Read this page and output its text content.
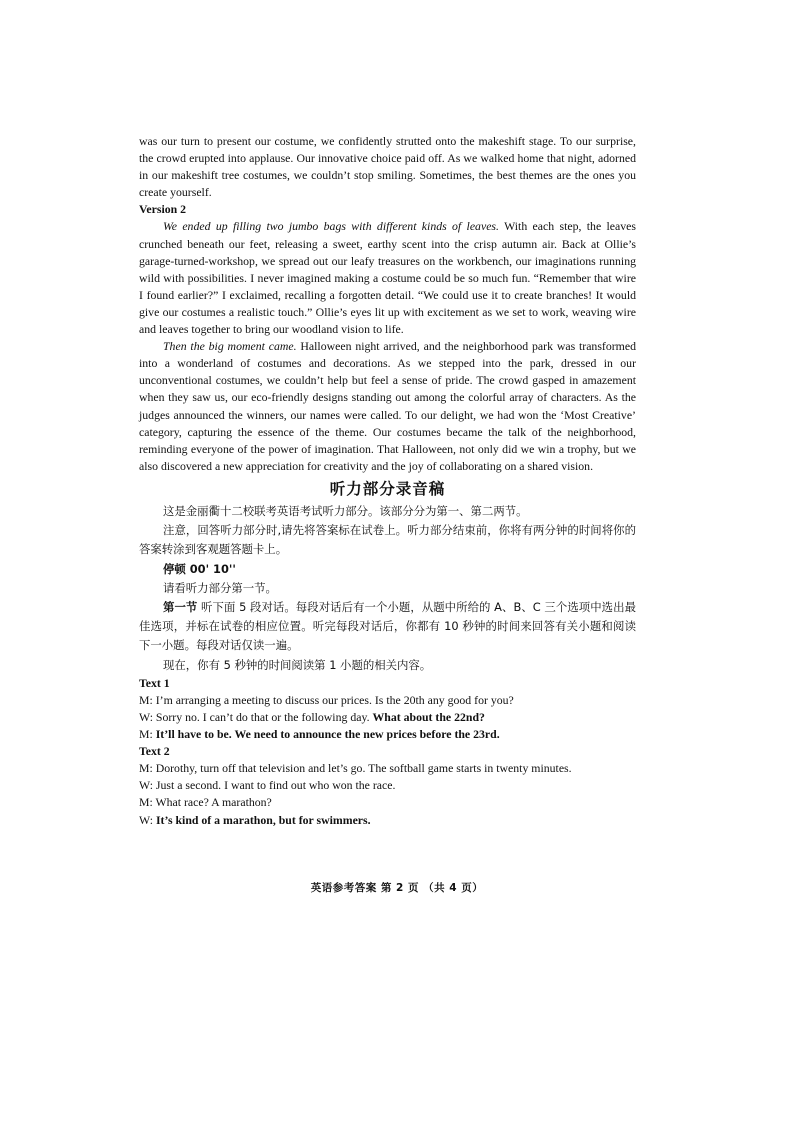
was our turn to present our costume, we confidently strutted onto the makeshift stage. To our surprise, the crowd erupted into applause. Our innovative choice paid off. As we walked home that night, adorned in our makeshift tree costumes, we couldn’t stop smiling. Sometimes, the best themes are the ones you create yourself.

Version 2

We ended up filling two jumbo bags with different kinds of leaves. With each step, the leaves crunched beneath our feet, releasing a sweet, earthy scent into the crisp autumn air. Back at Ollie’s garage-turned-workshop, we spread out our leafy treasures on the workbench, our imaginations running wild with possibilities. I never imagined making a costume could be so much fun. “Remember that wire I found earlier?” I exclaimed, recalling a forgotten detail. “We could use it to create branches! It would give our costumes a realistic touch.” Ollie’s eyes lit up with excitement as we set to work, weaving wire and leaves together to bring our woodland vision to life.

Then the big moment came. Halloween night arrived, and the neighborhood park was transformed into a wonderland of costumes and decorations. As we stepped into the park, dressed in our unconventional costumes, we couldn’t help but feel a sense of pride. The crowd gasped in amazement when they saw us, our eco-friendly designs standing out among the colorful array of characters. As the judges announced the winners, our names were called. To our delight, we had won the ‘Most Creative’ category, capturing the essence of the theme. Our costumes became the talk of the neighborhood, reminding everyone of the power of imagination. That Halloween, not only did we win a trophy, but we also discovered a new appreciation for creativity and the joy of collaborating on a shared vision.

听力部分录音稿

这是金丽衢十二校联考英语考试听力部分。该部分分为第一、第二两节。

注意，回答听力部分时,请先将答案标在试卷上。听力部分结束前，你将有两分钟的时间将你的答案转涂到客观题答题卡上。

停顿 00' 10''

请看听力部分第一节。

第一节 听下面 5 段对话。每段对话后有一个小题，从题中所给的 A、B、C 三个选项中选出最佳选项，并标在试卷的相应位置。听完每段对话后，你都有 10 秒钟的时间来回答有关小题和阅读下一小题。每段对话仅读一遍。

现在，你有 5 秒钟的时间阅读第 1 小题的相关内容。

Text 1

M: I’m arranging a meeting to discuss our prices. Is the 20th any good for you?

W: Sorry no. I can’t do that or the following day. What about the 22nd?

M: It’ll have to be. We need to announce the new prices before the 23rd.

Text 2

M: Dorothy, turn off that television and let’s go. The softball game starts in twenty minutes.

W: Just a second. I want to find out who won the race.

M: What race? A marathon?

W: It’s kind of a marathon, but for swimmers.

英语参考答案 第 2 页 （共 4 页）
